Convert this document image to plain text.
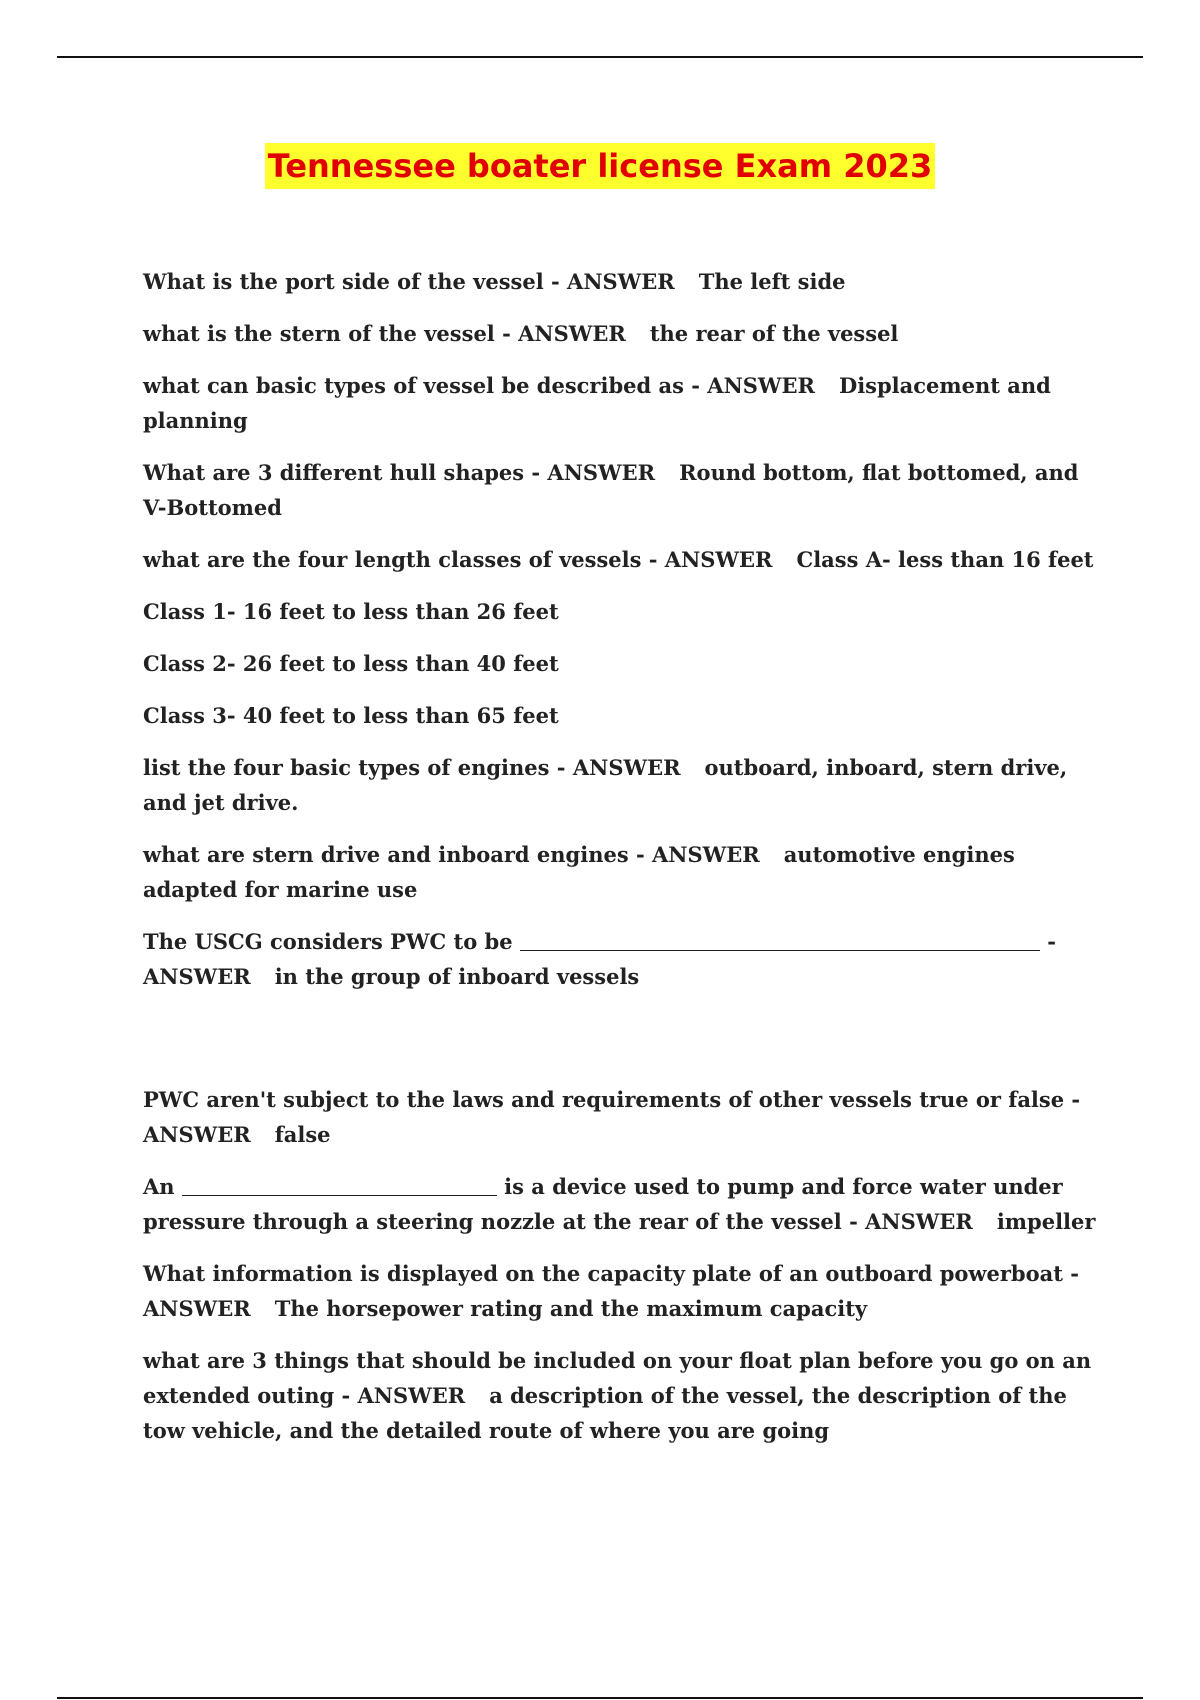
Tennessee boater license Exam 2023

What is the port side of the vessel - ANSWER The left side

what is the stern of the vessel - ANSWER the rear of the vessel

what can basic types of vessel be described as - ANSWER Displacement and planning

What are 3 different hull shapes - ANSWER Round bottom, flat bottomed, and V-Bottomed

what are the four length classes of vessels - ANSWER Class A- less than 16 feet

Class 1- 16 feet to less than 26 feet

Class 2- 26 feet to less than 40 feet

Class 3- 40 feet to less than 65 feet

list the four basic types of engines - ANSWER outboard, inboard, stern drive, and jet drive.

what are stern drive and inboard engines - ANSWER automotive engines adapted for marine use

The USCG considers PWC to be	- ANSWER in the group of inboard vessels

PWC aren't subject to the laws and requirements of other vessels true or false - ANSWER false

An	is a device used to pump and force water under pressure through a steering nozzle at the rear of the vessel - ANSWER impeller

What information is displayed on the capacity plate of an outboard powerboat - ANSWER The horsepower rating and the maximum capacity

what are 3 things that should be included on your float plan before you go on an extended outing - ANSWER a description of the vessel, the description of the tow vehicle, and the detailed route of where you are going
